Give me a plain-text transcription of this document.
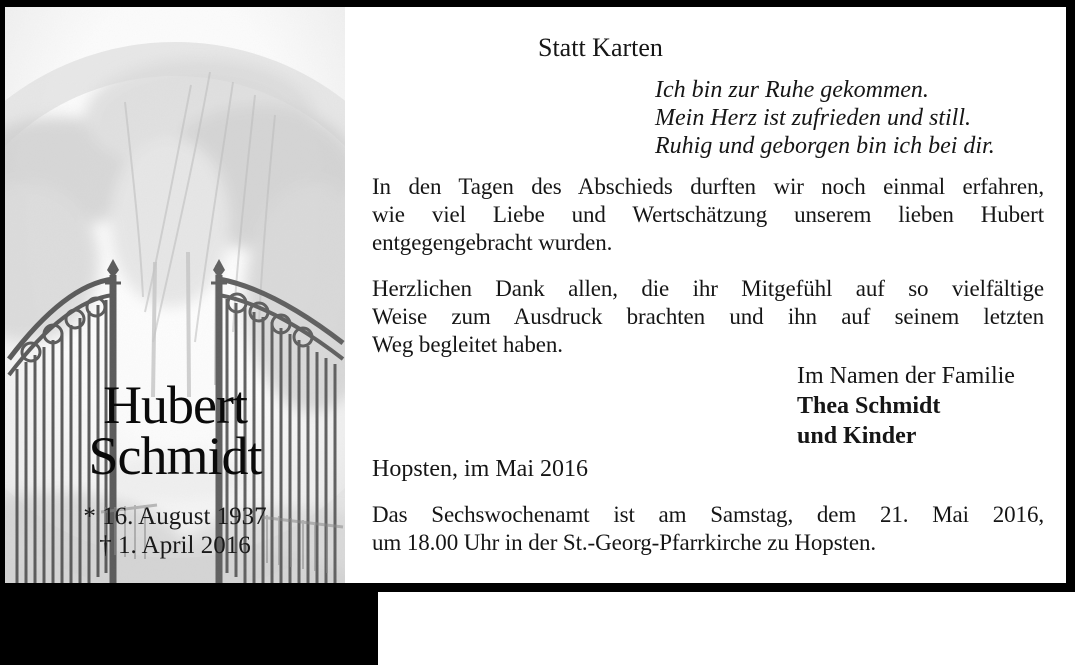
Hubert
Schmidt
* 16. August 1937
† 1. April 2016
Statt Karten
Ich bin zur Ruhe gekommen.
Mein Herz ist zufrieden und still.
Ruhig und geborgen bin ich bei dir.
In den Tagen des Abschieds durften wir noch einmal erfahren,
wie viel Liebe und Wertschätzung unserem lieben Hubert
entgegengebracht wurden.
Herzlichen Dank allen, die ihr Mitgefühl auf so vielfältige
Weise zum Ausdruck brachten und ihn auf seinem letzten
Weg begleitet haben.
Im Namen der Familie
Thea Schmidt
und Kinder
Hopsten, im Mai 2016
Das Sechswochenamt ist am Samstag, dem 21. Mai 2016,
um 18.00 Uhr in der St.-Georg-Pfarrkirche zu Hopsten.
